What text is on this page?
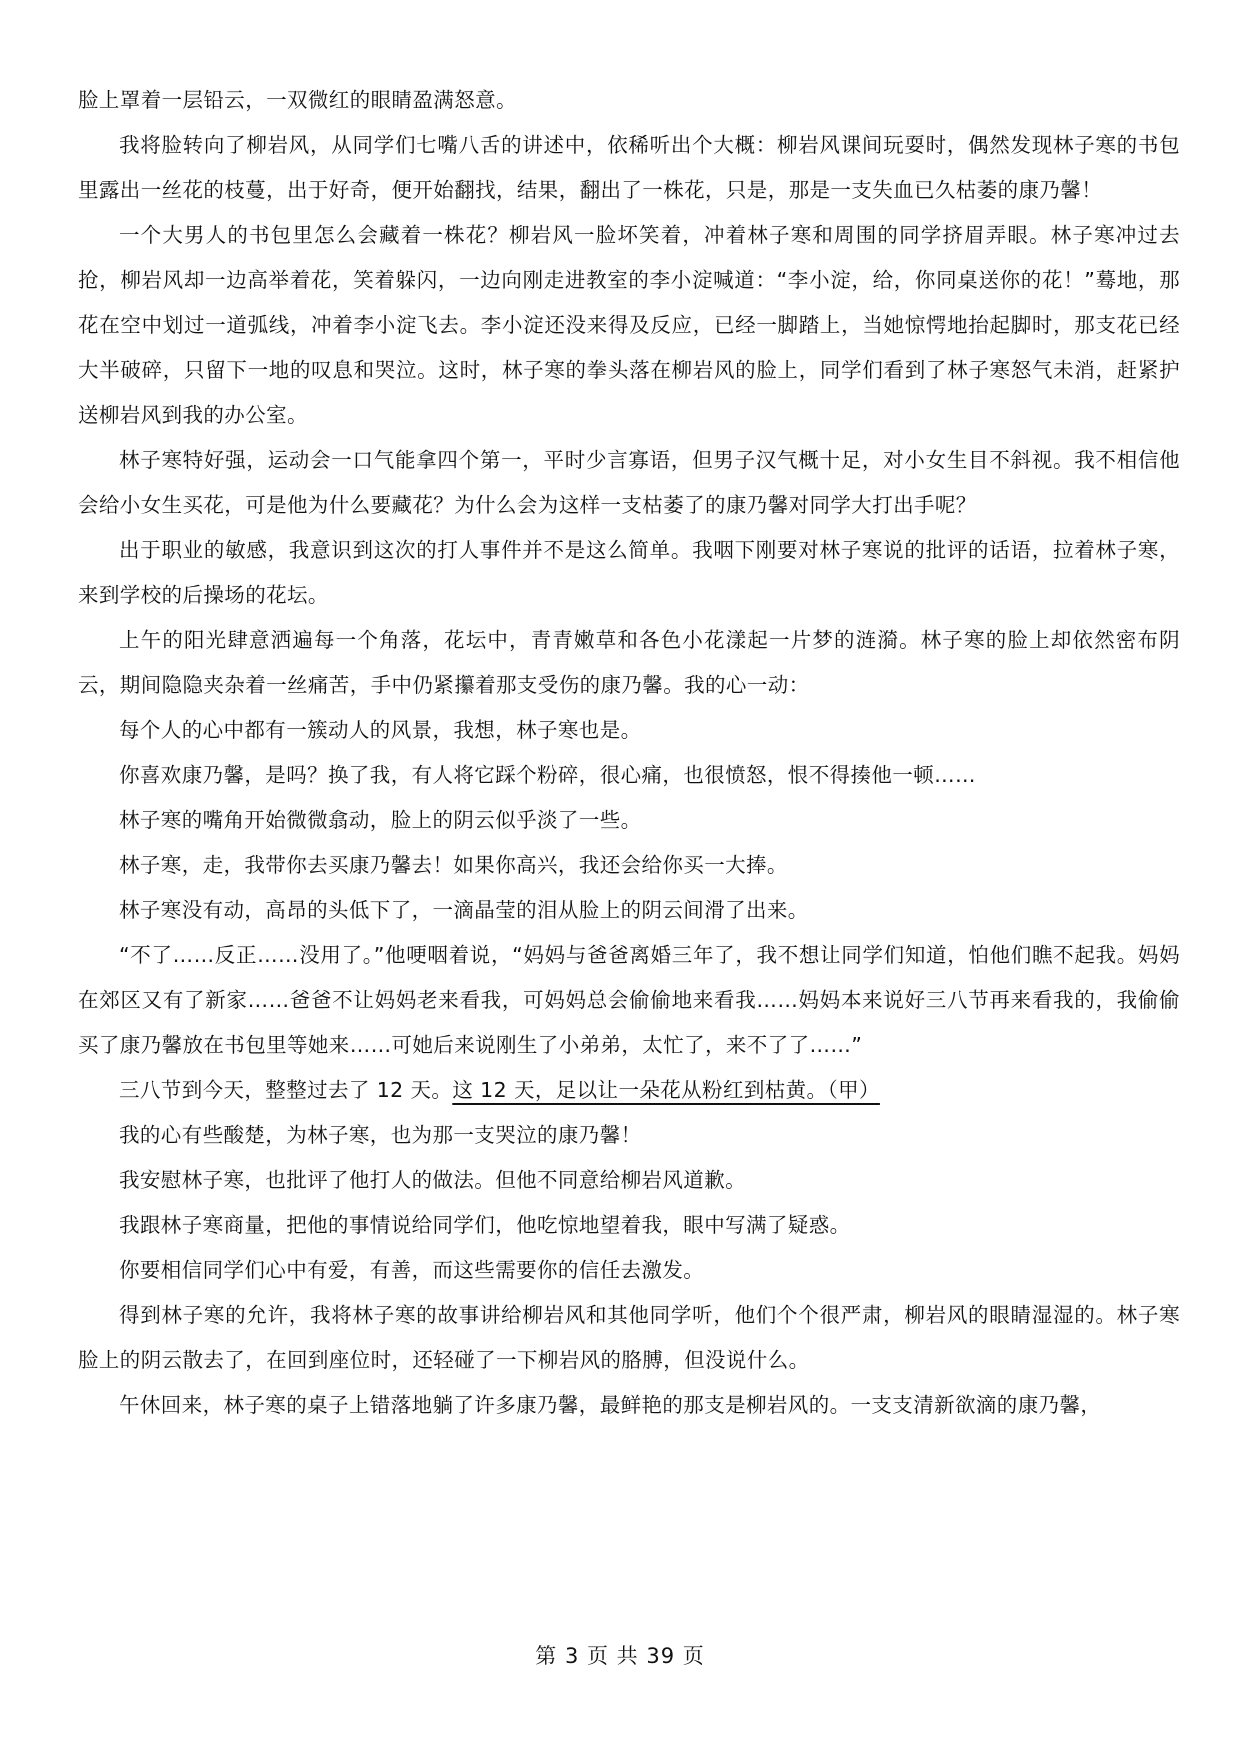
脸上罩着一层铅云，一双微红的眼睛盈满怒意。

我将脸转向了柳岩风，从同学们七嘴八舌的讲述中，依稀听出个大概：柳岩风课间玩耍时，偶然发现林子寒的书包里露出一丝花的枝蔓，出于好奇，便开始翻找，结果，翻出了一株花，只是，那是一支失血已久枯萎的康乃馨！

一个大男人的书包里怎么会藏着一株花？柳岩风一脸坏笑着，冲着林子寒和周围的同学挤眉弄眼。林子寒冲过去抢，柳岩风却一边高举着花，笑着躲闪，一边向刚走进教室的李小淀喊道：“李小淀，给，你同桌送你的花！”蓦地，那花在空中划过一道弧线，冲着李小淀飞去。李小淀还没来得及反应，已经一脚踏上，当她惊愕地抬起脚时，那支花已经大半破碎，只留下一地的叹息和哭泣。这时，林子寒的拳头落在柳岩风的脸上，同学们看到了林子寒怒气未消，赶紧护送柳岩风到我的办公室。

林子寒特好强，运动会一口气能拿四个第一，平时少言寡语，但男子汉气概十足，对小女生目不斜视。我不相信他会给小女生买花，可是他为什么要藏花？为什么会为这样一支枯萎了的康乃馨对同学大打出手呢？

出于职业的敏感，我意识到这次的打人事件并不是这么简单。我咽下刚要对林子寒说的批评的话语，拉着林子寒，来到学校的后操场的花坛。

上午的阳光肆意洒遍每一个角落，花坛中，青青嫩草和各色小花漾起一片梦的涟漪。林子寒的脸上却依然密布阴云，期间隐隐夹杂着一丝痛苦，手中仍紧攥着那支受伤的康乃馨。我的心一动：

每个人的心中都有一簇动人的风景，我想，林子寒也是。

你喜欢康乃馨，是吗？换了我，有人将它踩个粉碎，很心痛，也很愤怒，恨不得揍他一顿……

林子寒的嘴角开始微微翕动，脸上的阴云似乎淡了一些。

林子寒，走，我带你去买康乃馨去！如果你高兴，我还会给你买一大捧。

林子寒没有动，高昂的头低下了，一滴晶莹的泪从脸上的阴云间滑了出来。

“不了……反正……没用了。”他哽咽着说，“妈妈与爸爸离婚三年了，我不想让同学们知道，怕他们瞧不起我。妈妈在郊区又有了新家……爸爸不让妈妈老来看我，可妈妈总会偷偷地来看我……妈妈本来说好三八节再来看我的，我偷偷买了康乃馨放在书包里等她来……可她后来说刚生了小弟弟，太忙了，来不了了……”

三八节到今天，整整过去了 12 天。这 12 天，足以让一朵花从粉红到枯黄。（甲）

我的心有些酸楚，为林子寒，也为那一支哭泣的康乃馨！

我安慰林子寒，也批评了他打人的做法。但他不同意给柳岩风道歉。

我跟林子寒商量，把他的事情说给同学们，他吃惊地望着我，眼中写满了疑惑。

你要相信同学们心中有爱，有善，而这些需要你的信任去激发。

得到林子寒的允许，我将林子寒的故事讲给柳岩风和其他同学听，他们个个很严肃，柳岩风的眼睛湿湿的。林子寒脸上的阴云散去了，在回到座位时，还轻碰了一下柳岩风的胳膊，但没说什么。

午休回来，林子寒的桌子上错落地躺了许多康乃馨，最鲜艳的那支是柳岩风的。一支支清新欲滴的康乃馨，

第 3 页 共 39 页
